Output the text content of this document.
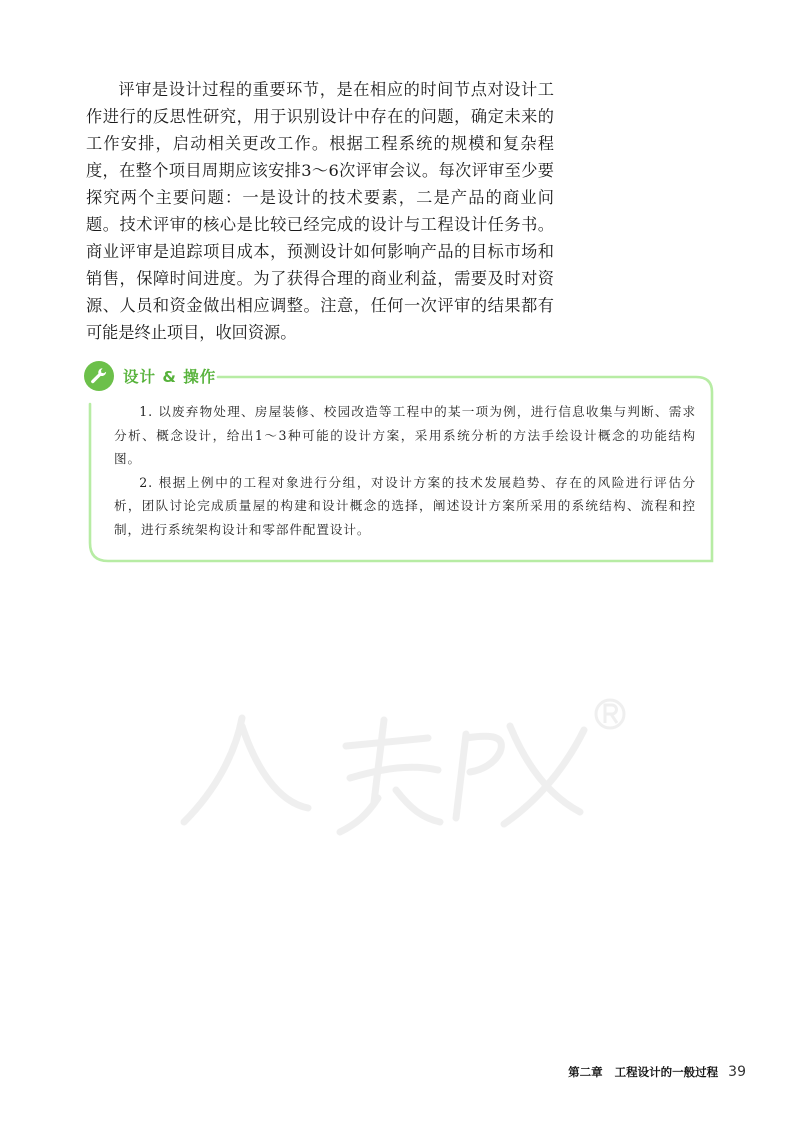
评审是设计过程的重要环节，是在相应的时间节点对设计工作进行的反思性研究，用于识别设计中存在的问题，确定未来的工作安排，启动相关更改工作。根据工程系统的规模和复杂程度，在整个项目周期应该安排3～6次评审会议。每次评审至少要探究两个主要问题：一是设计的技术要素，二是产品的商业问题。技术评审的核心是比较已经完成的设计与工程设计任务书。商业评审是追踪项目成本，预测设计如何影响产品的目标市场和销售，保障时间进度。为了获得合理的商业利益，需要及时对资源、人员和资金做出相应调整。注意，任何一次评审的结果都有可能是终止项目，收回资源。

设计 & 操作

1. 以废弃物处理、房屋装修、校园改造等工程中的某一项为例，进行信息收集与判断、需求分析、概念设计，给出1～3种可能的设计方案，采用系统分析的方法手绘设计概念的功能结构图。

2. 根据上例中的工程对象进行分组，对设计方案的技术发展趋势、存在的风险进行评估分析，团队讨论完成质量屋的构建和设计概念的选择，阐述设计方案所采用的系统结构、流程和控制，进行系统架构设计和零部件配置设计。

第二章 工程设计的一般过程 39
